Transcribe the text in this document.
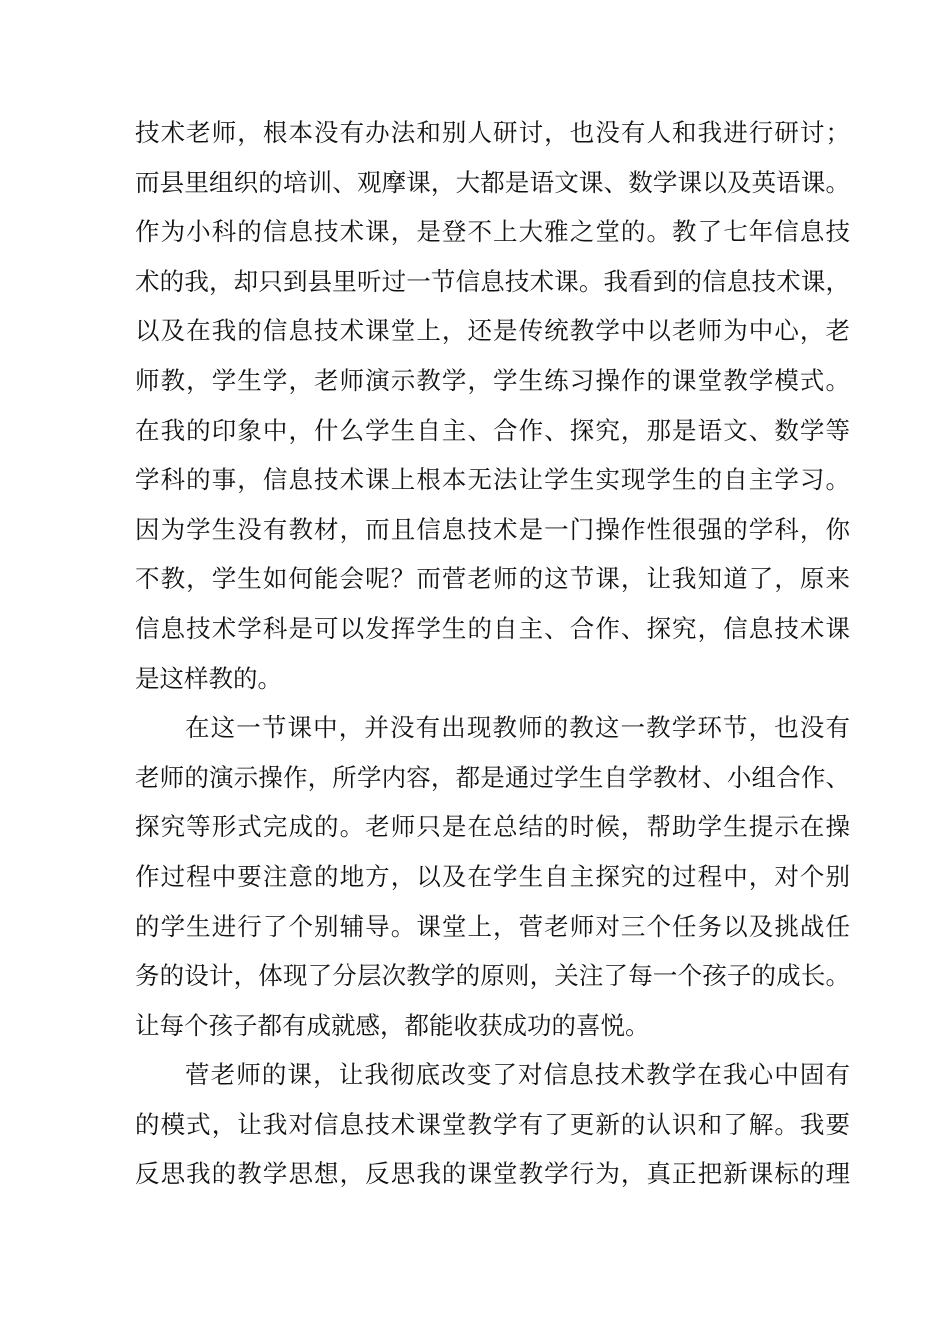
技术老师，根本没有办法和别人研讨，也没有人和我进行研讨；
而县里组织的培训、观摩课，大都是语文课、数学课以及英语课。
作为小科的信息技术课，是登不上大雅之堂的。教了七年信息技
术的我，却只到县里听过一节信息技术课。我看到的信息技术课，
以及在我的信息技术课堂上，还是传统教学中以老师为中心，老
师教，学生学，老师演示教学，学生练习操作的课堂教学模式。
在我的印象中，什么学生自主、合作、探究，那是语文、数学等
学科的事，信息技术课上根本无法让学生实现学生的自主学习。
因为学生没有教材，而且信息技术是一门操作性很强的学科，你
不教，学生如何能会呢？而菅老师的这节课，让我知道了，原来
信息技术学科是可以发挥学生的自主、合作、探究，信息技术课
是这样教的。
在这一节课中，并没有出现教师的教这一教学环节，也没有
老师的演示操作，所学内容，都是通过学生自学教材、小组合作、
探究等形式完成的。老师只是在总结的时候，帮助学生提示在操
作过程中要注意的地方，以及在学生自主探究的过程中，对个别
的学生进行了个别辅导。课堂上，菅老师对三个任务以及挑战任
务的设计，体现了分层次教学的原则，关注了每一个孩子的成长。
让每个孩子都有成就感，都能收获成功的喜悦。
菅老师的课，让我彻底改变了对信息技术教学在我心中固有
的模式，让我对信息技术课堂教学有了更新的认识和了解。我要
反思我的教学思想，反思我的课堂教学行为，真正把新课标的理
